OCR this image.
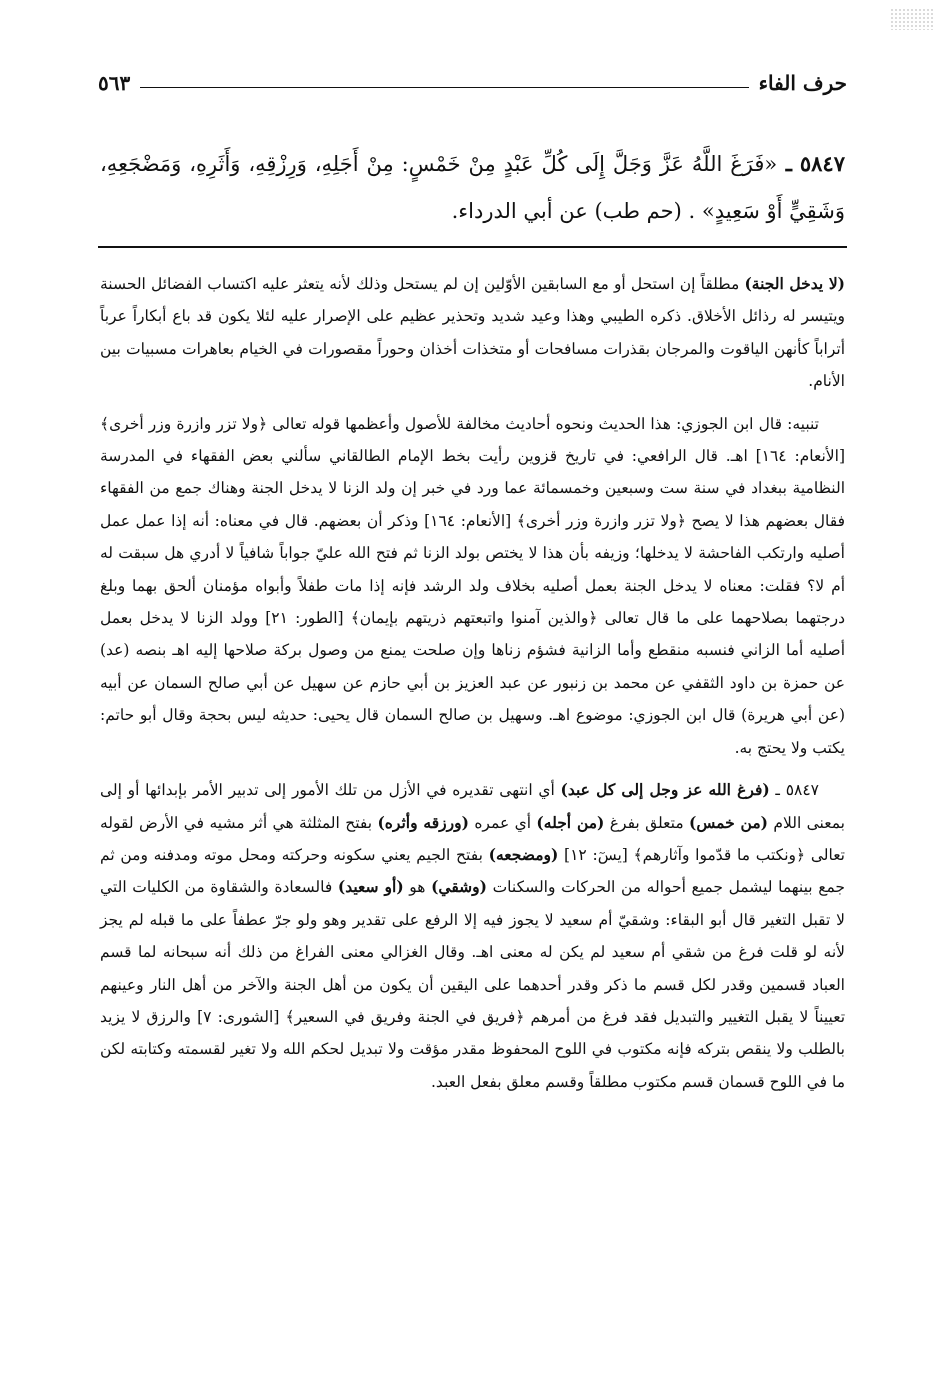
حرف الفاء
٥٦٣
٥٨٤٧ ـ «فَرَغَ اللَّهُ عَزَّ وَجَلَّ إِلَى كُلِّ عَبْدٍ مِنْ خَمْسٍ: مِنْ أَجَلِهِ، وَرِزْقِهِ، وَأَثَرِهِ، وَمَضْجَعِهِ، وَشَقِيٍّ أَوْ سَعِيدٍ» . (حم طب) عن أبي الدرداء.

(لا يدخل الجنة) مطلقاً إن استحل أو مع السابقين الأوّلين إن لم يستحل وذلك لأنه يتعثر عليه اكتساب الفضائل الحسنة ويتيسر له رذائل الأخلاق. ذكره الطيبي وهذا وعيد شديد وتحذير عظيم على الإصرار عليه لئلا يكون قد باع أبكاراً عرباً أتراباً كأنهن الياقوت والمرجان بقذرات مسافحات أو متخذات أخذان وحوراً مقصورات في الخيام بعاهرات مسبيات بين الأنام.

تنبيه: قال ابن الجوزي: هذا الحديث ونحوه أحاديث مخالفة للأصول وأعظمها قوله تعالى ﴿ولا تزر وازرة وزر أخرى﴾ [الأنعام: ١٦٤] اهـ. قال الرافعي: في تاريخ قزوين رأيت بخط الإمام الطالقاني سألني بعض الفقهاء في المدرسة النظامية ببغداد في سنة ست وسبعين وخمسمائة عما ورد في خبر إن ولد الزنا لا يدخل الجنة وهناك جمع من الفقهاء فقال بعضهم هذا لا يصح ﴿ولا تزر وازرة وزر أخرى﴾ [الأنعام: ١٦٤] وذكر أن بعضهم. قال في معناه: أنه إذا عمل عمل أصليه وارتكب الفاحشة لا يدخلها؛ وزيفه بأن هذا لا يختص بولد الزنا ثم فتح الله عليّ جواباً شافياً لا أدري هل سبقت له أم لا؟ فقلت: معناه لا يدخل الجنة بعمل أصليه بخلاف ولد الرشد فإنه إذا مات طفلاً وأبواه مؤمنان ألحق بهما وبلغ درجتهما بصلاحهما على ما قال تعالى ﴿والذين آمنوا واتبعتهم ذريتهم بإيمان﴾ [الطور: ٢١] وولد الزنا لا يدخل بعمل أصليه أما الزاني فنسبه منقطع وأما الزانية فشؤم زناها وإن صلحت يمنع من وصول بركة صلاحها إليه اهـ بنصه (عد) عن حمزة بن داود الثقفي عن محمد بن زنبور عن عبد العزيز بن أبي حازم عن سهيل عن أبي صالح السمان عن أبيه (عن أبي هريرة) قال ابن الجوزي: موضوع اهـ. وسهيل بن صالح السمان قال يحيى: حديثه ليس بحجة وقال أبو حاتم: يكتب ولا يحتج به.

٥٨٤٧ ـ (فرغ الله عز وجل إلى كل عبد) أي انتهى تقديره في الأزل من تلك الأمور إلى تدبير الأمر بإبدائها أو إلى بمعنى اللام (من خمس) متعلق بفرغ (من أجله) أي عمره (ورزقه وأثره) بفتح المثلثة هي أثر مشيه في الأرض لقوله تعالى ﴿ونكتب ما قدّموا وآثارهم﴾ [يسٓ: ١٢] (ومضجعه) بفتح الجيم يعني سكونه وحركته ومحل موته ومدفنه ومن ثم جمع بينهما ليشمل جميع أحواله من الحركات والسكنات (وشقي) هو (أو سعيد) فالسعادة والشقاوة من الكليات التي لا تقبل التغير قال أبو البقاء: وشقيّ أم سعيد لا يجوز فيه إلا الرفع على تقدير وهو ولو جرّ عطفاً على ما قبله لم يجز لأنه لو قلت فرغ من شقي أم سعيد لم يكن له معنى اهـ. وقال الغزالي معنى الفراغ من ذلك أنه سبحانه لما قسم العباد قسمين وقدر لكل قسم ما ذكر وقدر أحدهما على اليقين أن يكون من أهل الجنة والآخر من أهل النار وعينهم تعييناً لا يقبل التغيير والتبديل فقد فرغ من أمرهم ﴿فريق في الجنة وفريق في السعير﴾ [الشورى: ٧] والرزق لا يزيد بالطلب ولا ينقص بتركه فإنه مكتوب في اللوح المحفوظ مقدر مؤقت ولا تبديل لحكم الله ولا تغير لقسمته وكتابته لكن ما في اللوح قسمان قسم مكتوب مطلقاً وقسم معلق بفعل العبد.
